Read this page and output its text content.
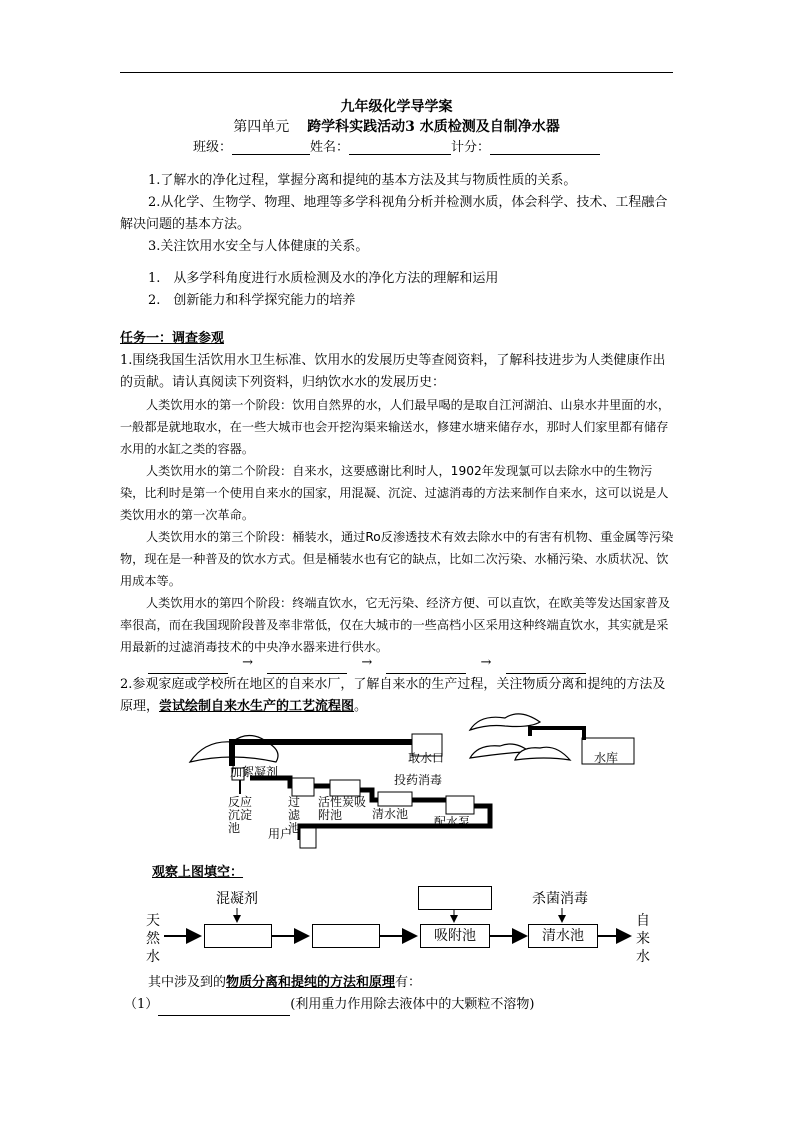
九年级化学导学案
第四单元 跨学科实践活动3 水质检测及自制净水器
班级：	姓名：	计分：
1.了解水的净化过程，掌握分离和提纯的基本方法及其与物质性质的关系。
2.从化学、生物学、物理、地理等多学科视角分析并检测水质，体会科学、技术、工程融合解决问题的基本方法。
3.关注饮用水安全与人体健康的关系。
1.　从多学科角度进行水质检测及水的净化方法的理解和运用
2.　创新能力和科学探究能力的培养
任务一：调查参观
1.围绕我国生活饮用水卫生标准、饮用水的发展历史等查阅资料，了解科技进步为人类健康作出的贡献。请认真阅读下列资料，归纳饮水水的发展历史：
人类饮用水的第一个阶段：饮用自然界的水，人们最早喝的是取自江河湖泊、山泉水井里面的水，一般都是就地取水，在一些大城市也会开挖沟渠来输送水，修建水塘来储存水，那时人们家里都有储存水用的水缸之类的容器。
人类饮用水的第二个阶段：自来水，这要感谢比利时人，1902年发现氯可以去除水中的生物污染，比利时是第一个使用自来水的国家，用混凝、沉淀、过滤消毒的方法来制作自来水，这可以说是人类饮用水的第一次革命。
人类饮用水的第三个阶段：桶装水，通过Ro反渗透技术有效去除水中的有害有机物、重金属等污染物，现在是一种普及的饮水方式。但是桶装水也有它的缺点，比如二次污染、水桶污染、水质状况、饮用成本等。
人类饮用水的第四个阶段：终端直饮水，它无污染、经济方便、可以直饮，在欧美等发达国家普及率很高，而在我国现阶段普及率非常低，仅在大城市的一些高档小区采用这种终端直饮水，其实就是采用最新的过滤消毒技术的中央净水器来进行供水。
→	→	→
2.参观家庭或学校所在地区的自来水厂，了解自来水的生产过程，关注物质分离和提纯的方法及原理，尝试绘制自来水生产的工艺流程图。
水库
取水口
加絮凝剂
反应沉淀池
过滤池
活性炭吸附池
投药消毒
清水池
配水泵
用户
观察上图填空：
天然水
混凝剂
吸附池
杀菌消毒
清水池
自来水
其中涉及到的物质分离和提纯的方法和原理有：
（1）	(利用重力作用除去液体中的大颗粒不溶物)
